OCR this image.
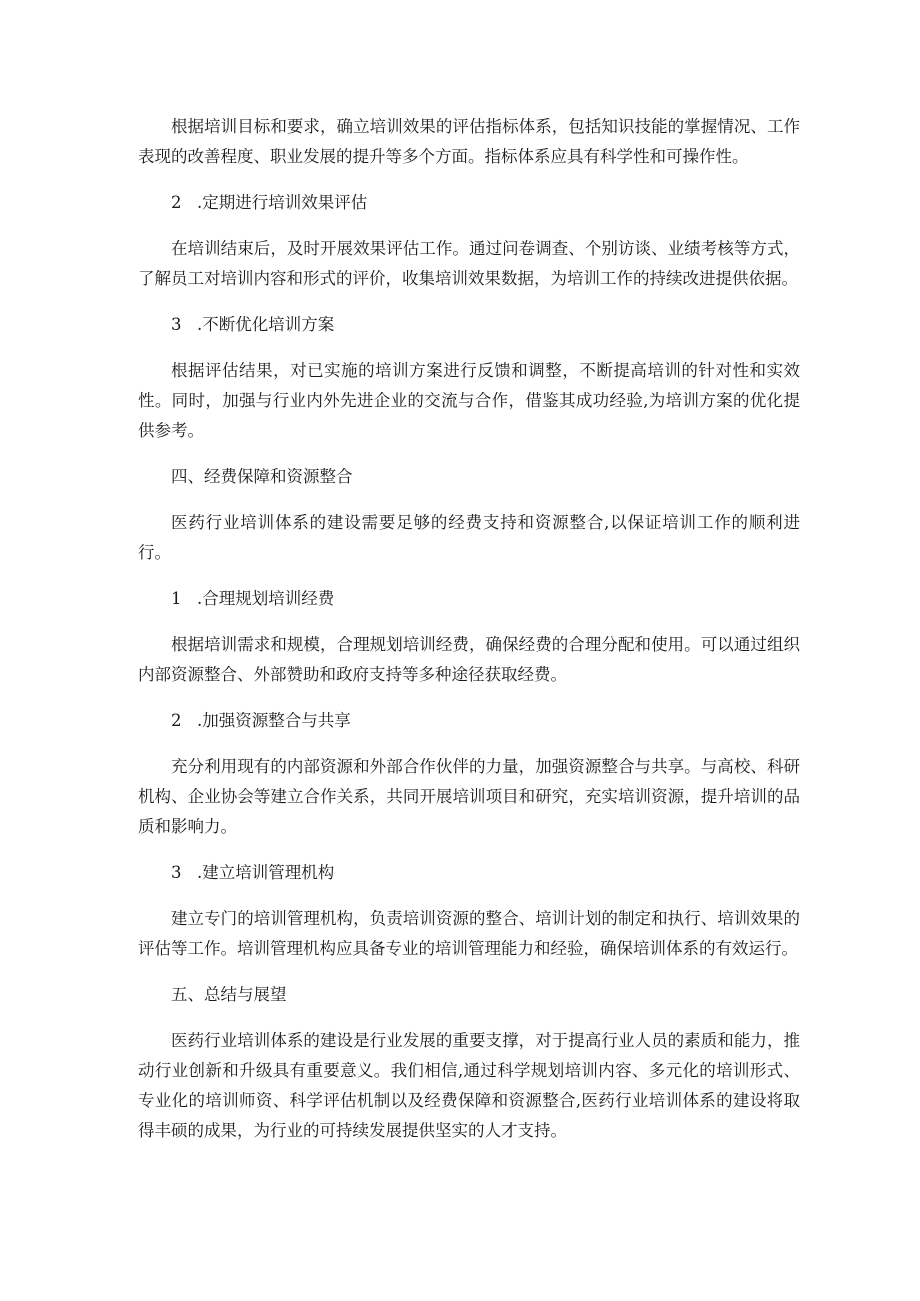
根据培训目标和要求，确立培训效果的评估指标体系，包括知识技能的掌握情况、工作表现的改善程度、职业发展的提升等多个方面。指标体系应具有科学性和可操作性。

2 .定期进行培训效果评估

在培训结束后，及时开展效果评估工作。通过问卷调查、个别访谈、业绩考核等方式，了解员工对培训内容和形式的评价，收集培训效果数据，为培训工作的持续改进提供依据。

3 .不断优化培训方案

根据评估结果，对已实施的培训方案进行反馈和调整，不断提高培训的针对性和实效性。同时，加强与行业内外先进企业的交流与合作，借鉴其成功经验,为培训方案的优化提供参考。

四、经费保障和资源整合

医药行业培训体系的建设需要足够的经费支持和资源整合,以保证培训工作的顺利进行。

1 .合理规划培训经费

根据培训需求和规模，合理规划培训经费，确保经费的合理分配和使用。可以通过组织内部资源整合、外部赞助和政府支持等多种途径获取经费。

2 .加强资源整合与共享

充分利用现有的内部资源和外部合作伙伴的力量，加强资源整合与共享。与高校、科研机构、企业协会等建立合作关系，共同开展培训项目和研究，充实培训资源，提升培训的品质和影响力。

3 .建立培训管理机构

建立专门的培训管理机构，负责培训资源的整合、培训计划的制定和执行、培训效果的评估等工作。培训管理机构应具备专业的培训管理能力和经验，确保培训体系的有效运行。

五、总结与展望

医药行业培训体系的建设是行业发展的重要支撑，对于提高行业人员的素质和能力，推动行业创新和升级具有重要意义。我们相信,通过科学规划培训内容、多元化的培训形式、专业化的培训师资、科学评估机制以及经费保障和资源整合,医药行业培训体系的建设将取得丰硕的成果，为行业的可持续发展提供坚实的人才支持。
